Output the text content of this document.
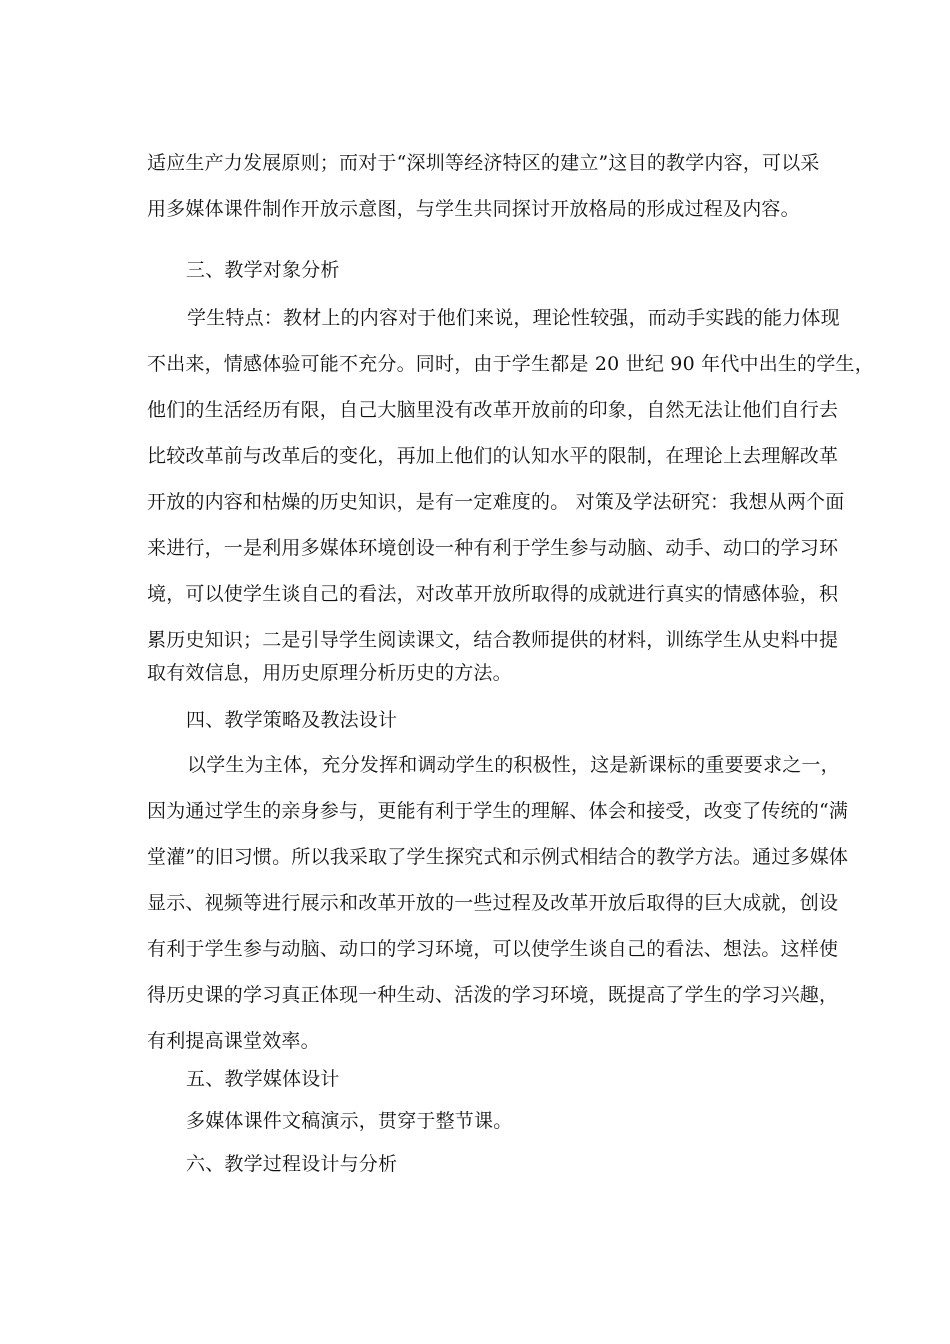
适应生产力发展原则；而对于“深圳等经济特区的建立”这目的教学内容，可以采
用多媒体课件制作开放示意图，与学生共同探讨开放格局的形成过程及内容。
三、教学对象分析
学生特点：教材上的内容对于他们来说，理论性较强，而动手实践的能力体现
不出来，情感体验可能不充分。同时，由于学生都是 20 世纪 90 年代中出生的学生，
他们的生活经历有限，自己大脑里没有改革开放前的印象，自然无法让他们自行去
比较改革前与改革后的变化，再加上他们的认知水平的限制，在理论上去理解改革
开放的内容和枯燥的历史知识，是有一定难度的。 对策及学法研究：我想从两个面
来进行，一是利用多媒体环境创设一种有利于学生参与动脑、动手、动口的学习环
境，可以使学生谈自己的看法，对改革开放所取得的成就进行真实的情感体验，积
累历史知识；二是引导学生阅读课文，结合教师提供的材料，训练学生从史料中提
取有效信息，用历史原理分析历史的方法。
四、教学策略及教法设计
以学生为主体，充分发挥和调动学生的积极性，这是新课标的重要要求之一，
因为通过学生的亲身参与，更能有利于学生的理解、体会和接受，改变了传统的“满
堂灌”的旧习惯。所以我采取了学生探究式和示例式相结合的教学方法。通过多媒体
显示、视频等进行展示和改革开放的一些过程及改革开放后取得的巨大成就，创设
有利于学生参与动脑、动口的学习环境，可以使学生谈自己的看法、想法。这样使
得历史课的学习真正体现一种生动、活泼的学习环境，既提高了学生的学习兴趣，
有利提高课堂效率。
五、教学媒体设计
多媒体课件文稿演示，贯穿于整节课。
六、教学过程设计与分析
